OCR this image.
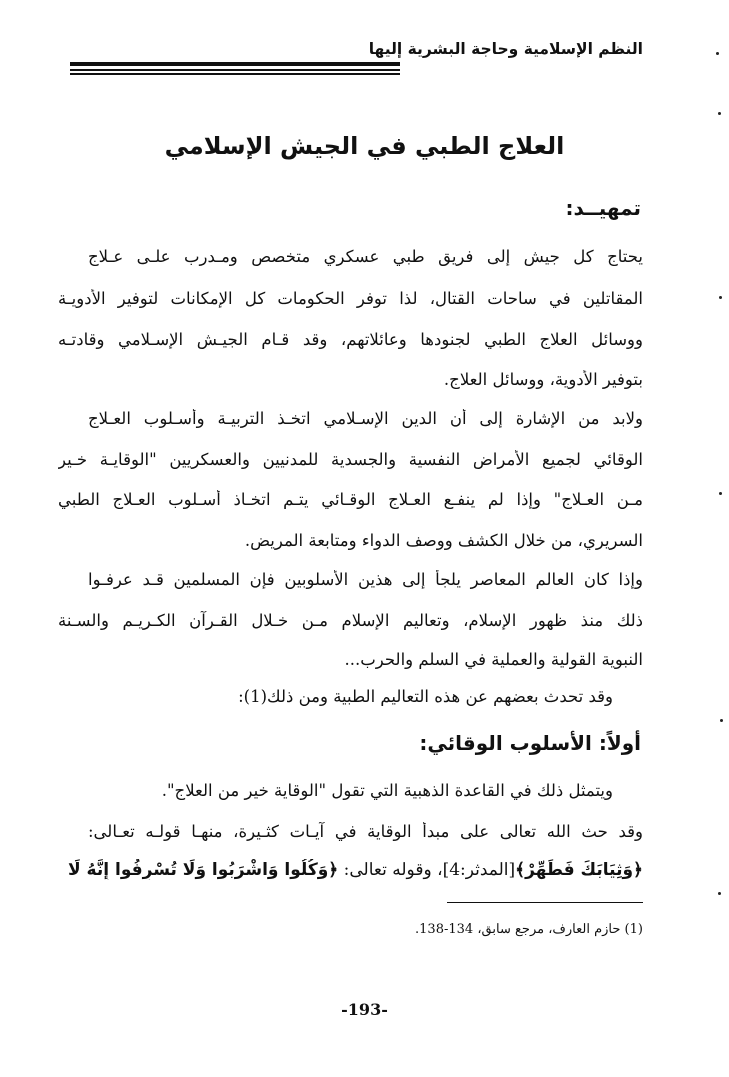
النظم الإسلامية وحاجة البشرية إليها
العلاج الطبي في الجيش الإسلامي
تمهيــد:
يحتاج كل جيش إلى فريق طبي عسكري متخصص ومـدرب علـى عـلاج
المقاتلين في ساحات القتال، لذا توفر الحكومات كل الإمكانات لتوفير الأدويـة
ووسائل العلاج الطبي لجنودها وعائلاتهم، وقد قـام الجيـش الإسـلامي وقادتـه
بتوفير الأدوية، ووسائل العلاج.
ولابد من الإشارة إلى أن الدين الإسـلامي اتخـذ التربيـة وأسـلوب العـلاج
الوقائي لجميع الأمراض النفسية والجسدية للمدنيين والعسكريين "الوقايـة خـير
مـن العـلاج" وإذا لم ينفـع العـلاج الوقـائي يتـم اتخـاذ أسـلوب العـلاج الطبي
السريري، من خلال الكشف ووصف الدواء ومتابعة المريض.
وإذا كان العالم المعاصر يلجأ إلى هذين الأسلوبين فإن المسلمين قـد عرفـوا
ذلك منذ ظهور الإسلام، وتعاليم الإسلام مـن خـلال القـرآن الكـريـم والسـنة
النبوية القولية والعملية في السلم والحرب...
وقد تحدث بعضهم عن هذه التعاليم الطبية ومن ذلك(1):
أولاً: الأسلوب الوقائي:
ويتمثل ذلك في القاعدة الذهبية التي تقول "الوقاية خير من العلاج".
وقد حث الله تعالى على مبدأ الوقاية في آيـات كثـيرة، منهـا قولـه تعـالى:
﴿وَثِيَابَكَ فَطَهِّرْ﴾[المدثر:4]، وقوله تعالى: ﴿وَكُلُوا وَاشْرَبُوا وَلَا تُسْرِفُوا إِنَّهُ لَا
(1) حازم العارف، مرجع سابق، 134-138.
-193-
